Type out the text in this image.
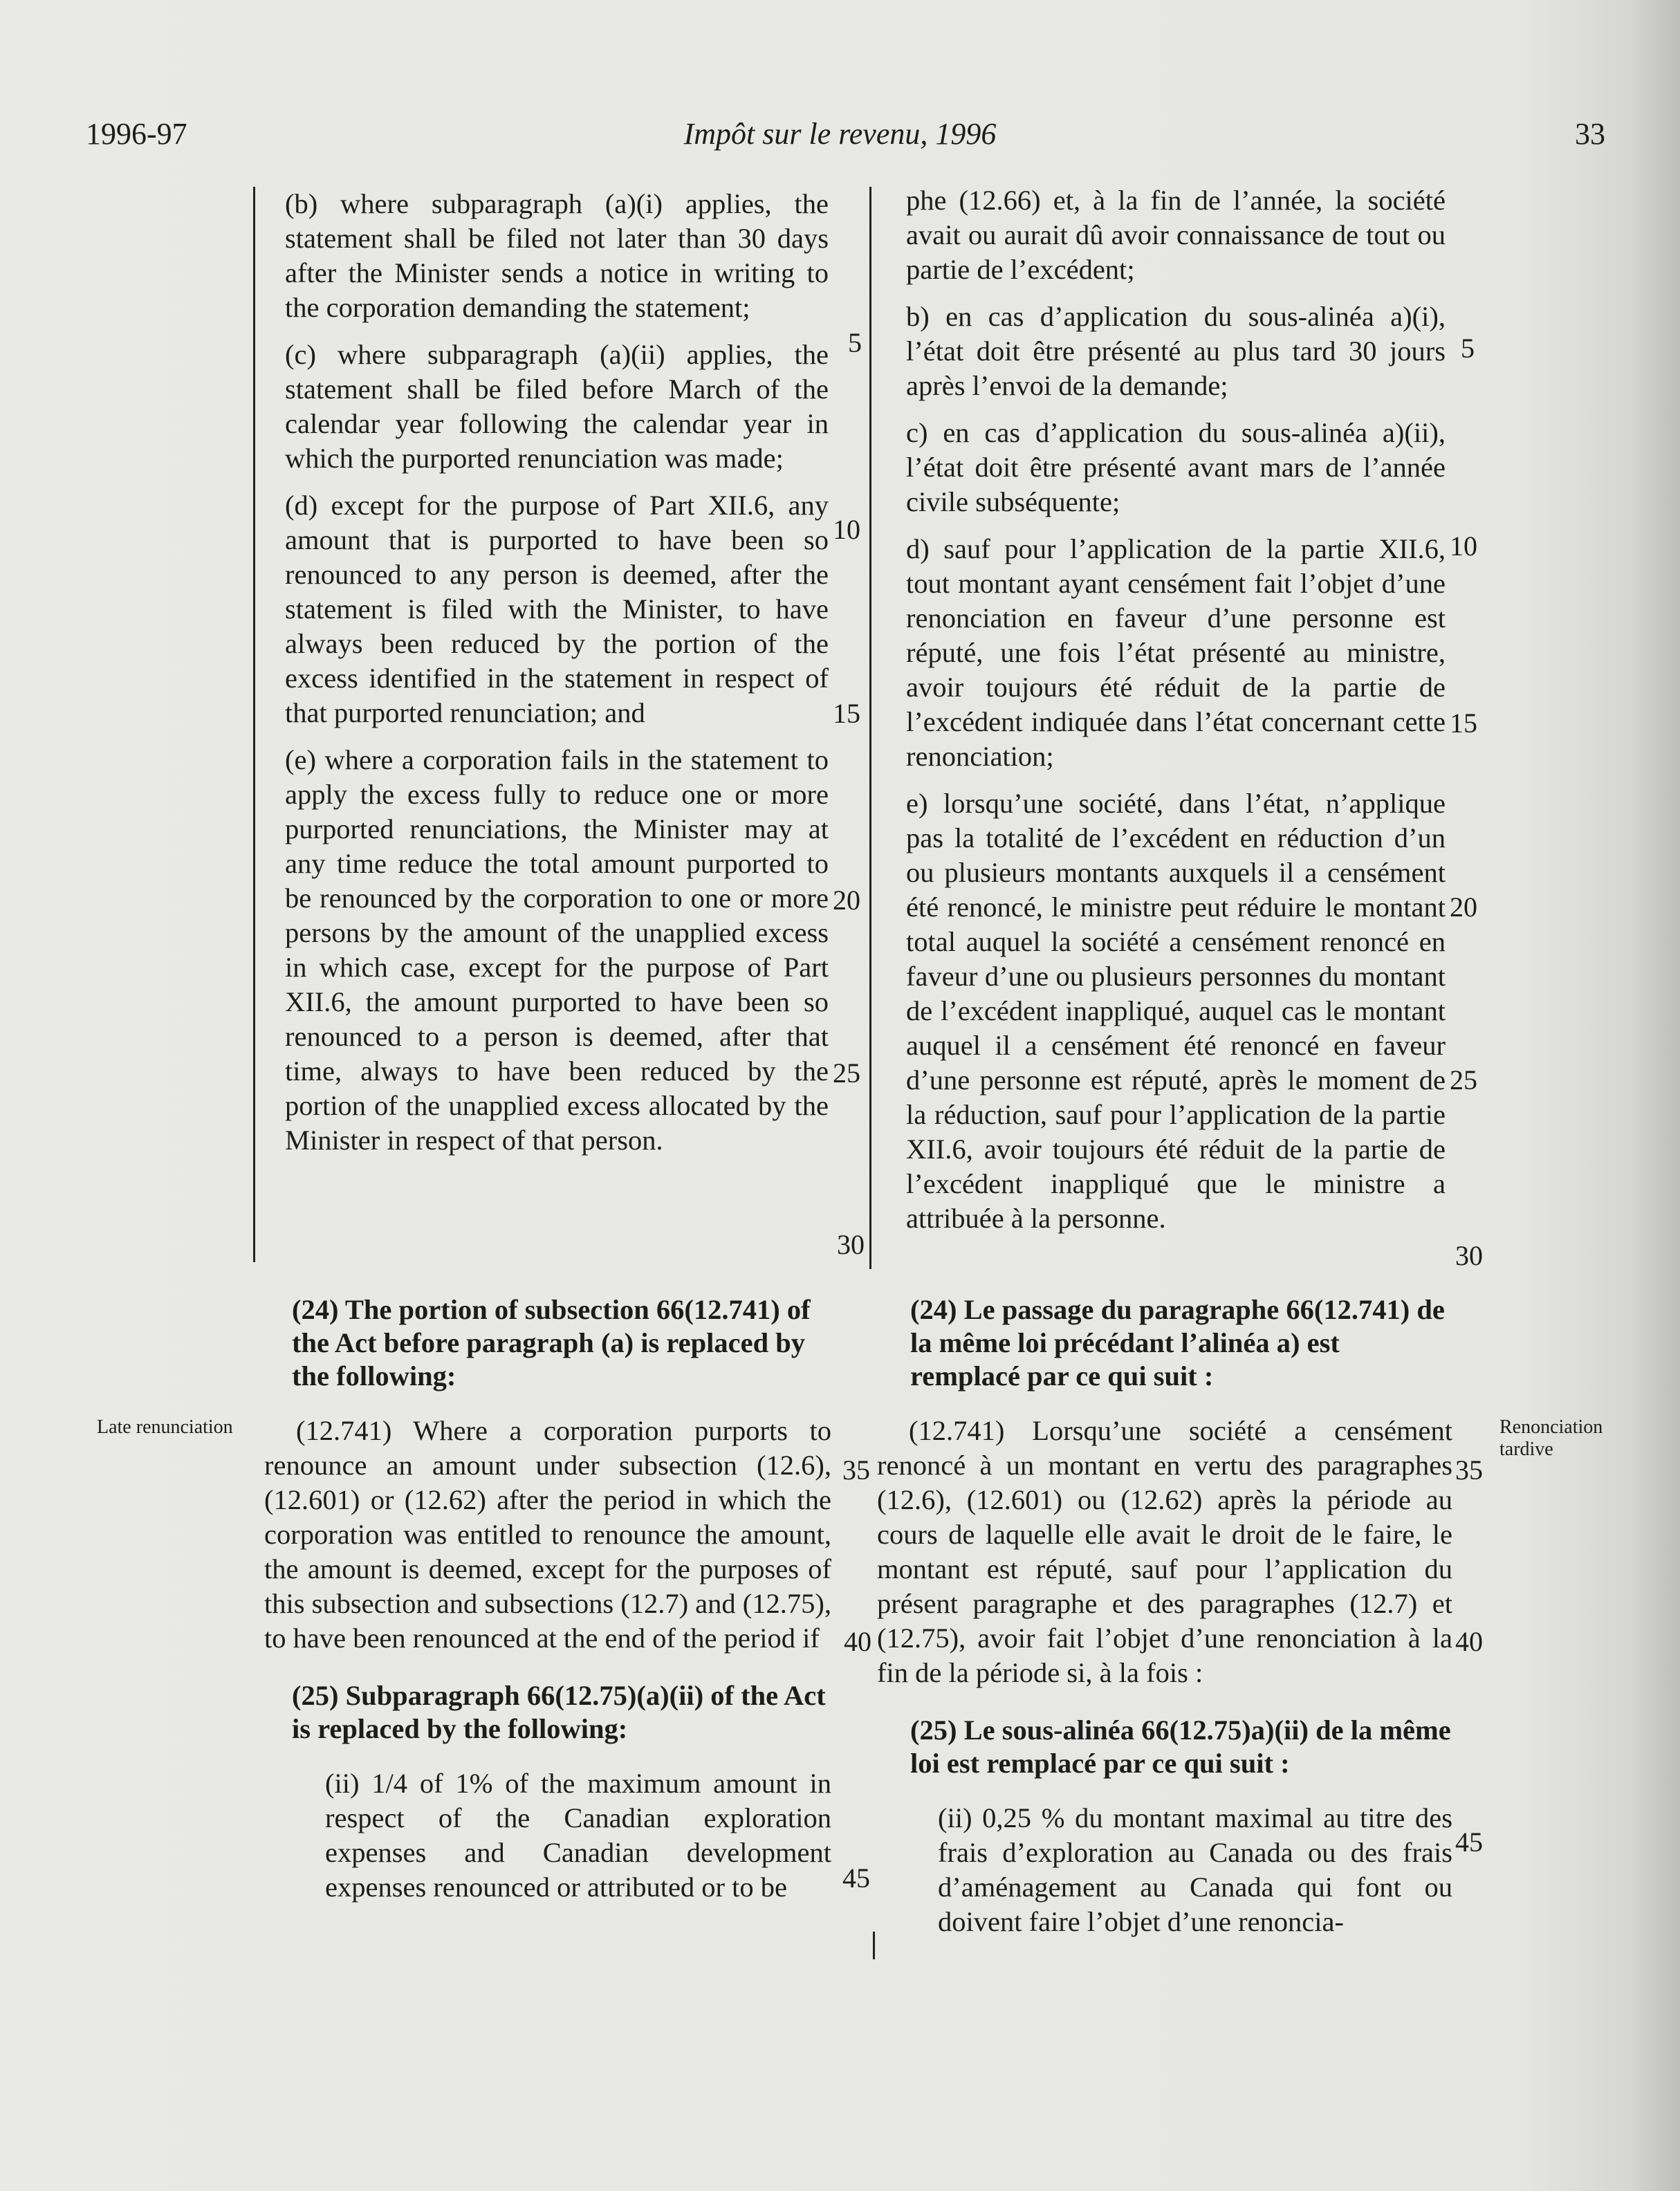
1996-97	Impôt sur le revenu, 1996	33

(b) where subparagraph (a)(i) applies, the statement shall be filed not later than 30 days after the Minister sends a notice in writing to the corporation demanding the statement;

(c) where subparagraph (a)(ii) applies, the statement shall be filed before March of the calendar year following the calendar year in which the purported renunciation was made;

(d) except for the purpose of Part XII.6, any amount that is purported to have been so renounced to any person is deemed, after the statement is filed with the Minister, to have always been reduced by the portion of the excess identified in the statement in respect of that purported renunciation; and

(e) where a corporation fails in the statement to apply the excess fully to reduce one or more purported renunciations, the Minister may at any time reduce the total amount purported to be renounced by the corporation to one or more persons by the amount of the unapplied excess in which case, except for the purpose of Part XII.6, the amount purported to have been so renounced to a person is deemed, after that time, always to have been reduced by the portion of the unapplied excess allocated by the Minister in respect of that person.

phe (12.66) et, à la fin de l’année, la société avait ou aurait dû avoir connaissance de tout ou partie de l’excédent;

b) en cas d’application du sous-alinéa a)(i), l’état doit être présenté au plus tard 30 jours après l’envoi de la demande;

c) en cas d’application du sous-alinéa a)(ii), l’état doit être présenté avant mars de l’année civile subséquente;

d) sauf pour l’application de la partie XII.6, tout montant ayant censément fait l’objet d’une renonciation en faveur d’une personne est réputé, une fois l’état présenté au ministre, avoir toujours été réduit de la partie de l’excédent indiquée dans l’état concernant cette renonciation;

e) lorsqu’une société, dans l’état, n’applique pas la totalité de l’excédent en réduction d’un ou plusieurs montants auxquels il a censément été renoncé, le ministre peut réduire le montant total auquel la société a censément renoncé en faveur d’une ou plusieurs personnes du montant de l’excédent inappliqué, auquel cas le montant auquel il a censément été renoncé en faveur d’une personne est réputé, après le moment de la réduction, sauf pour l’application de la partie XII.6, avoir toujours été réduit de la partie de l’excédent inappliqué que le ministre a attribuée à la personne.

(24) The portion of subsection 66(12.741) of the Act before paragraph (a) is replaced by the following:

(12.741) Where a corporation purports to renounce an amount under subsection (12.6), (12.601) or (12.62) after the period in which the corporation was entitled to renounce the amount, the amount is deemed, except for the purposes of this subsection and subsections (12.7) and (12.75), to have been renounced at the end of the period if

(25) Subparagraph 66(12.75)(a)(ii) of the Act is replaced by the following:

(ii) 1/4 of 1% of the maximum amount in respect of the Canadian exploration expenses and Canadian development expenses renounced or attributed or to be

(24) Le passage du paragraphe 66(12.741) de la même loi précédant l’alinéa a) est remplacé par ce qui suit :

(12.741) Lorsqu’une société a censément renoncé à un montant en vertu des paragraphes (12.6), (12.601) ou (12.62) après la période au cours de laquelle elle avait le droit de le faire, le montant est réputé, sauf pour l’application du présent paragraphe et des paragraphes (12.7) et (12.75), avoir fait l’objet d’une renonciation à la fin de la période si, à la fois :

(25) Le sous-alinéa 66(12.75)a)(ii) de la même loi est remplacé par ce qui suit :

(ii) 0,25 % du montant maximal au titre des frais d’exploration au Canada ou des frais d’aménagement au Canada qui font ou doivent faire l’objet d’une renoncia-

Late renunciation	Renonciation tardive
5
10
15
20
25
30
35
40
45
5
10
15
20
25
30
35
40
45
